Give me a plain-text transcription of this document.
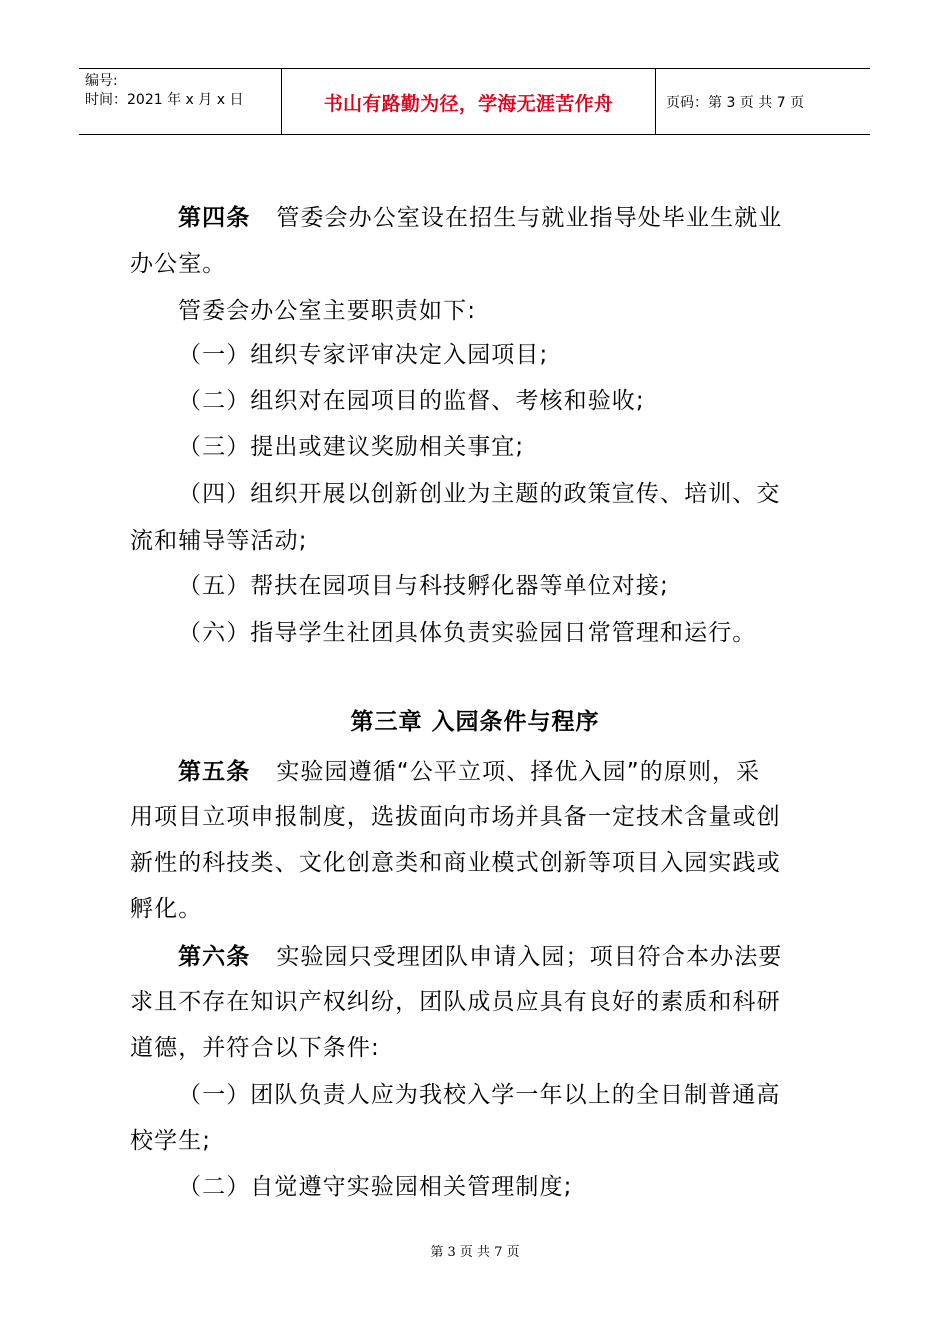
编号:
时间：2021 年 x 月 x 日	书山有路勤为径，学海无涯苦作舟	页码：第 3 页 共 7 页
第四条 管委会办公室设在招生与就业指导处毕业生就业
办公室。
管委会办公室主要职责如下:
（一）组织专家评审决定入园项目;
（二）组织对在园项目的监督、考核和验收;
（三）提出或建议奖励相关事宜;
（四）组织开展以创新创业为主题的政策宣传、培训、交
流和辅导等活动;
（五）帮扶在园项目与科技孵化器等单位对接;
（六）指导学生社团具体负责实验园日常管理和运行。
第三章 入园条件与程序
第五条 实验园遵循“公平立项、择优入园”的原则，采
用项目立项申报制度，选拔面向市场并具备一定技术含量或创
新性的科技类、文化创意类和商业模式创新等项目入园实践或
孵化。
第六条 实验园只受理团队申请入园；项目符合本办法要
求且不存在知识产权纠纷，团队成员应具有良好的素质和科研
道德，并符合以下条件:
（一）团队负责人应为我校入学一年以上的全日制普通高
校学生;
（二）自觉遵守实验园相关管理制度;
第 3 页 共 7 页
